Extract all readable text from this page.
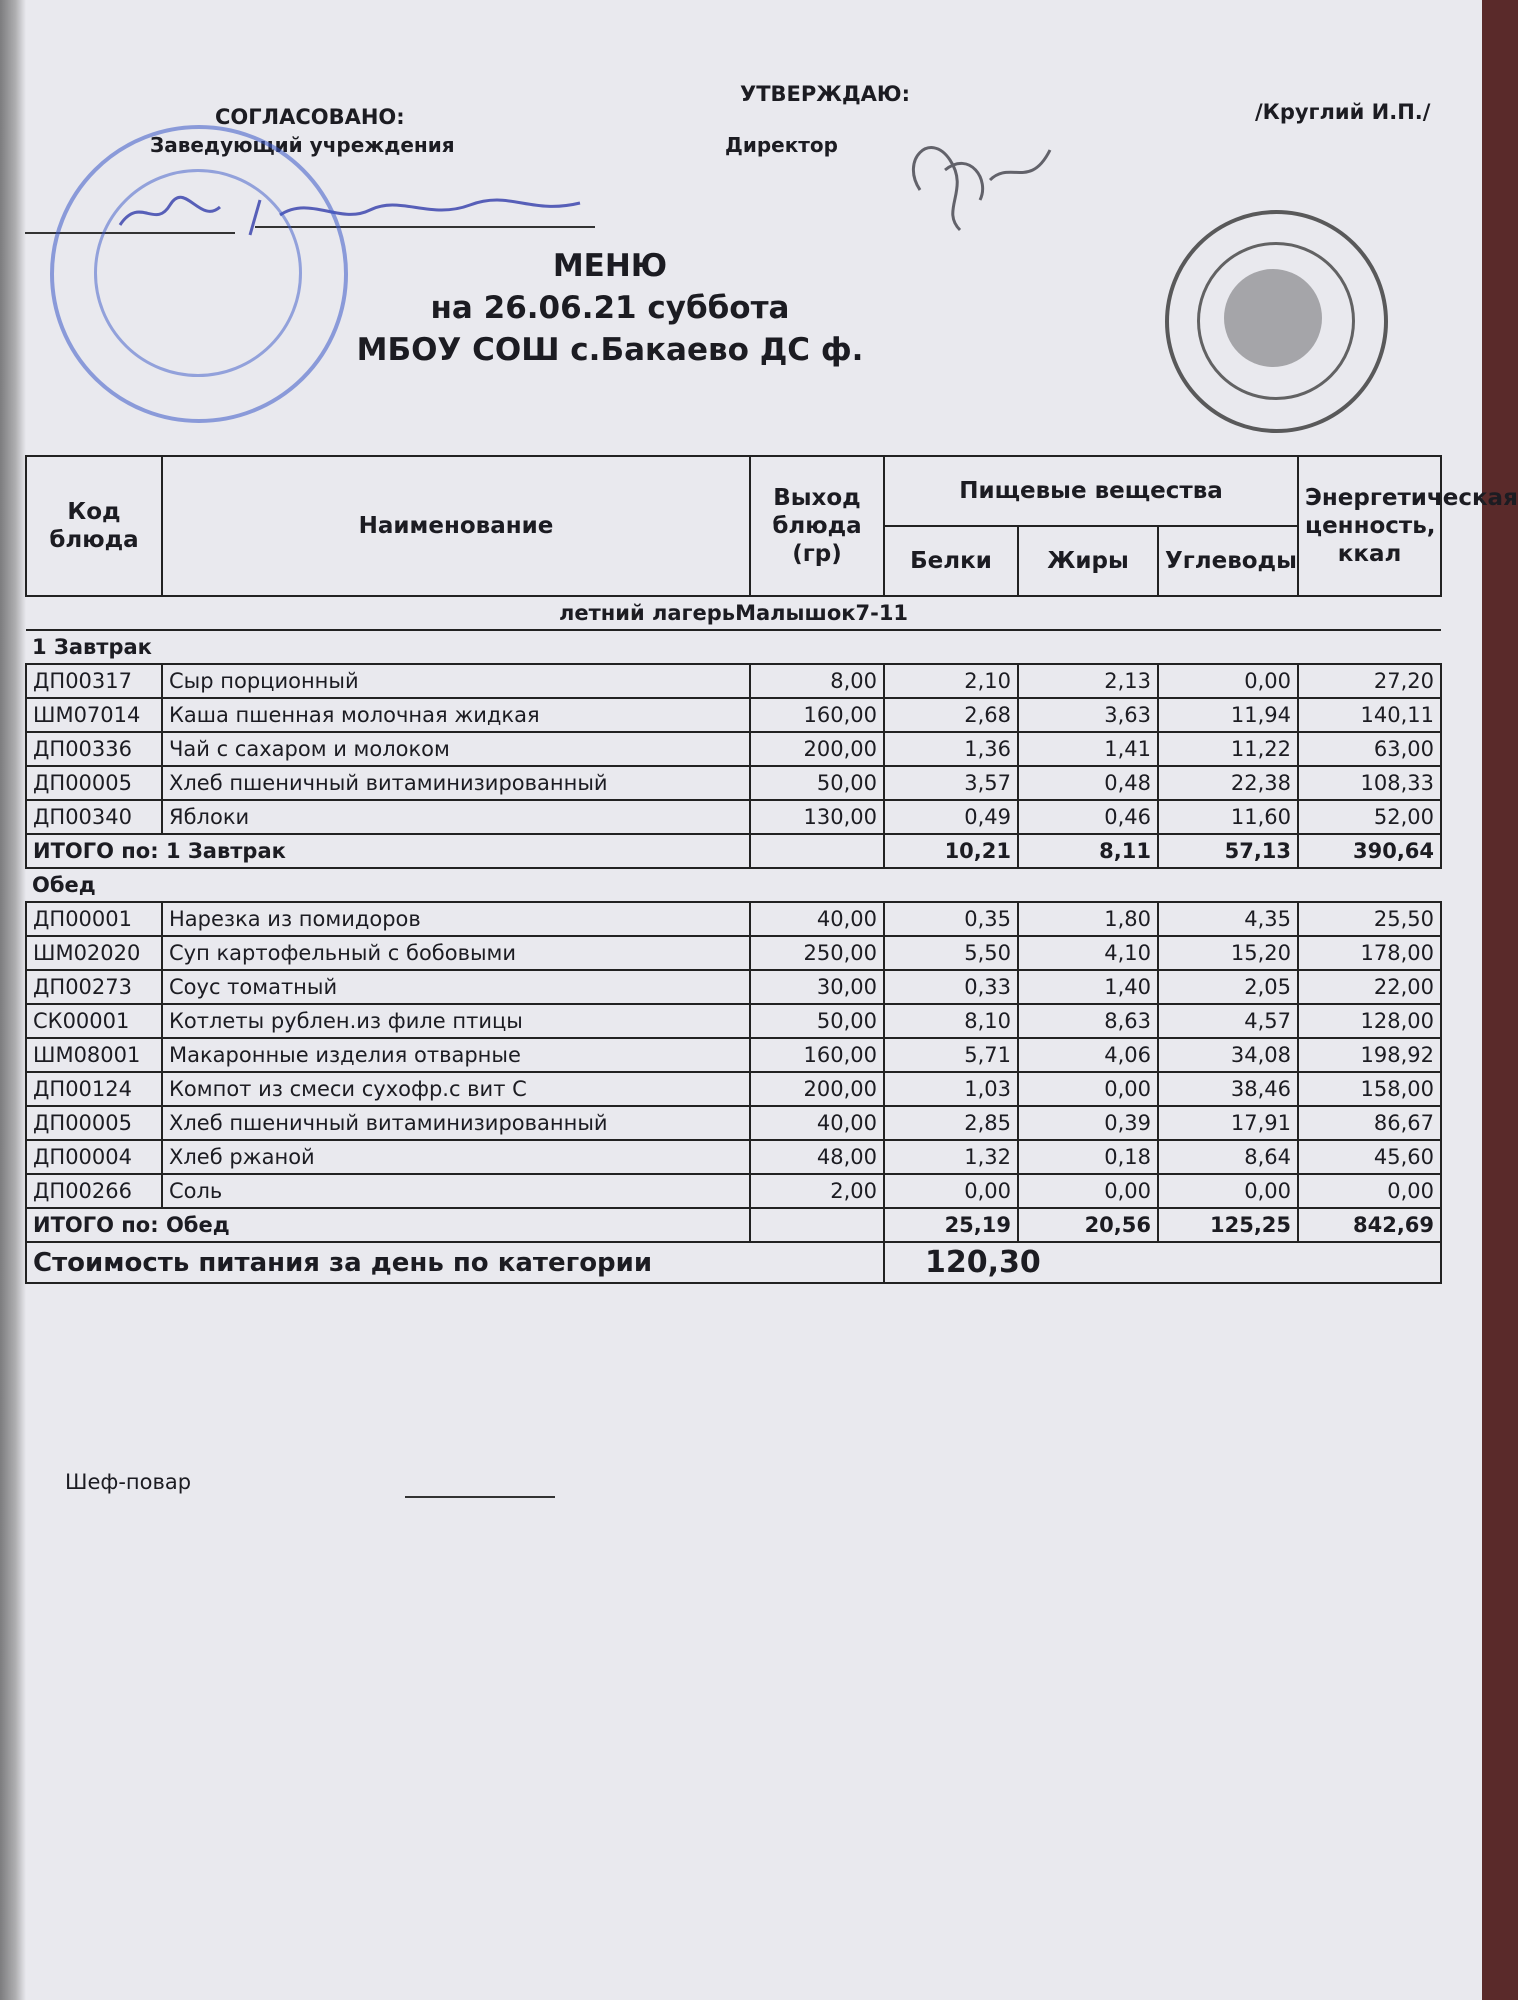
СОГЛАСОВАНО:
Заведующий учреждения
УТВЕРЖДАЮ:
Директор
/Круглий И.П./
МЕНЮ
на 26.06.21 суббота
МБОУ СОШ с.Бакаево ДС ф.
Код блюда	Наименование	Выход блюда (гр)	Пищевые вещества			Энергетическая ценность, ккал
			Белки	Жиры	Углеводы	
летний лагерьМалышок7-11						
1 Завтрак						
ДП00317	Сыр порционный	8,00	2,10	2,13	0,00	27,20
ШМ07014	Каша пшенная молочная жидкая	160,00	2,68	3,63	11,94	140,11
ДП00336	Чай с сахаром и молоком	200,00	1,36	1,41	11,22	63,00
ДП00005	Хлеб пшеничный витаминизированный	50,00	3,57	0,48	22,38	108,33
ДП00340	Яблоки	130,00	0,49	0,46	11,60	52,00
ИТОГО по: 1 Завтрак			10,21	8,11	57,13	390,64
Обед						
ДП00001	Нарезка из помидоров	40,00	0,35	1,80	4,35	25,50
ШМ02020	Суп картофельный с бобовыми	250,00	5,50	4,10	15,20	178,00
ДП00273	Соус томатный	30,00	0,33	1,40	2,05	22,00
СК00001	Котлеты рублен.из филе птицы	50,00	8,10	8,63	4,57	128,00
ШМ08001	Макаронные изделия отварные	160,00	5,71	4,06	34,08	198,92
ДП00124	Компот из смеси сухофр.с вит С	200,00	1,03	0,00	38,46	158,00
ДП00005	Хлеб пшеничный витаминизированный	40,00	2,85	0,39	17,91	86,67
ДП00004	Хлеб ржаной	48,00	1,32	0,18	8,64	45,60
ДП00266	Соль	2,00	0,00	0,00	0,00	0,00
ИТОГО по: Обед			25,19	20,56	125,25	842,69
Стоимость питания за день по категории			120,30			
Шеф-повар
